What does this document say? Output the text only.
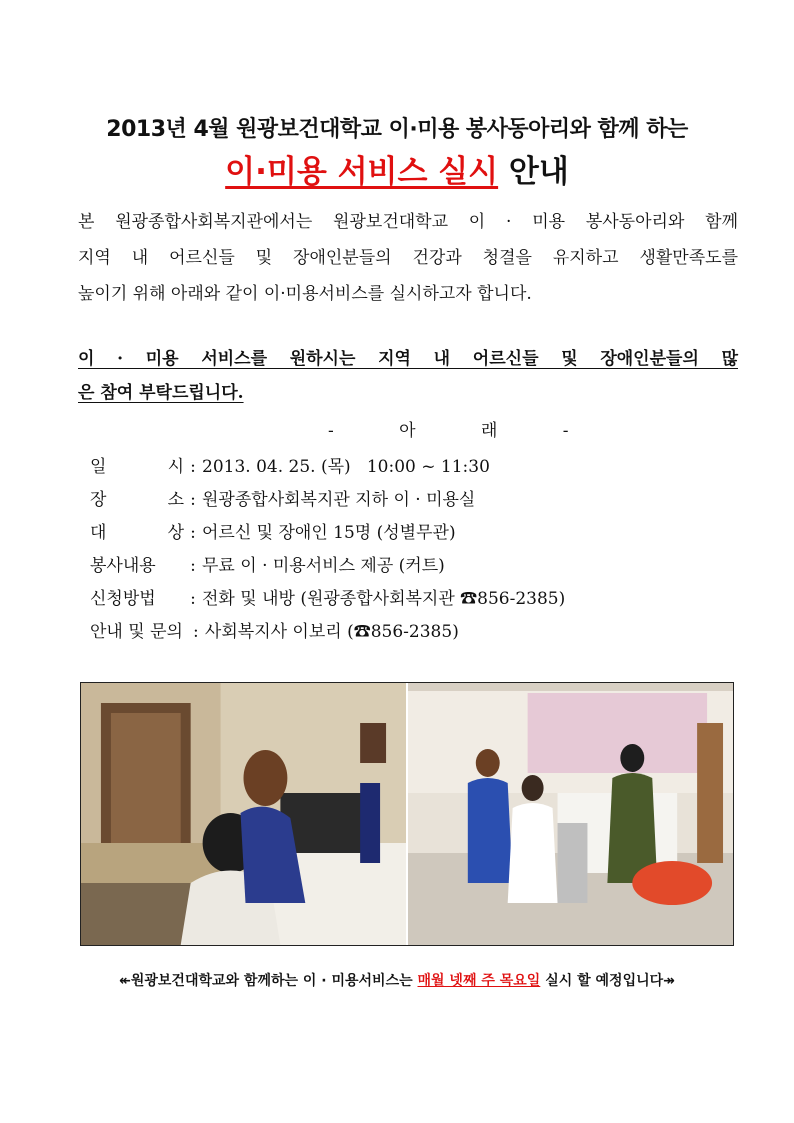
2013년 4월 원광보건대학교 이·미용 봉사동아리와 함께 하는
이·미용 서비스 실시 안내
본 원광종합사회복지관에서는 원광보건대학교 이 · 미용 봉사동아리와 함께
지역 내 어르신들 및 장애인분들의 건강과 청결을 유지하고 생활만족도를
높이기 위해 아래와 같이 이·미용서비스를 실시하고자 합니다.
이 · 미용 서비스를 원하시는 지역 내 어르신들 및 장애인분들의 많
은 참여 부탁드립니다.
- 아 래 -
일 시 : 2013. 04. 25. (목)   10:00 ~ 11:30
장 소 : 원광종합사회복지관 지하 이 · 미용실
대 상 : 어르신 및 장애인 15명 (성별무관)
봉사내용	: 무료 이 · 미용서비스 제공 (커트)
신청방법	: 전화 및 내방 (원광종합사회복지관 ☎856-2385)
안내 및 문의 : 사회복지사 이보리 (☎856-2385)
↞원광보건대학교와 함께하는 이 · 미용서비스는 매월 넷째 주 목요일 실시 할 예정입니다↠
